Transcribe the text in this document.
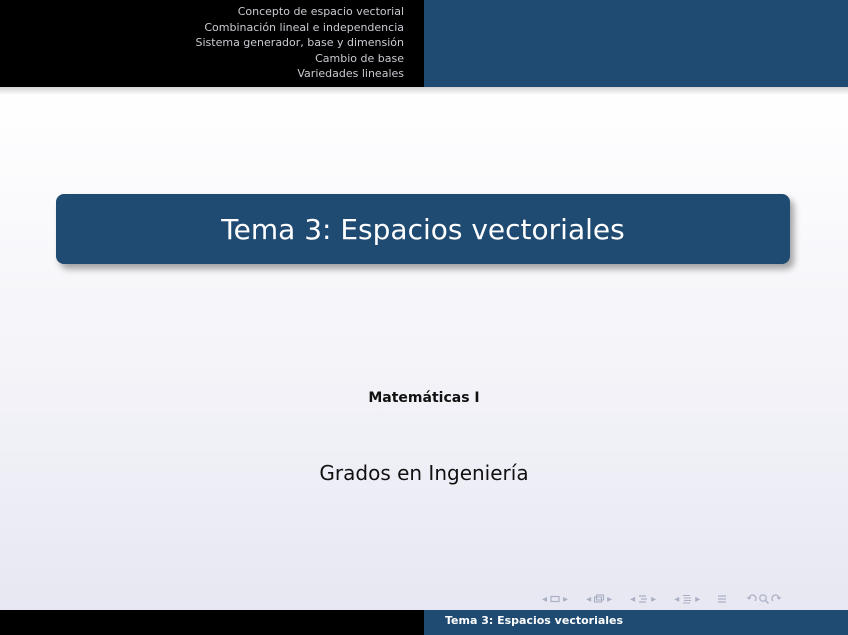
Concepto de espacio vectorial
Combinación lineal e independencia
Sistema generador, base y dimensión
Cambio de base
Variedades lineales
Tema 3: Espacios vectoriales
Matemáticas I
Grados en Ingeniería
◂ ▸ ◂ ▸ ◂ ▸ ◂ ▸
Tema 3: Espacios vectoriales
